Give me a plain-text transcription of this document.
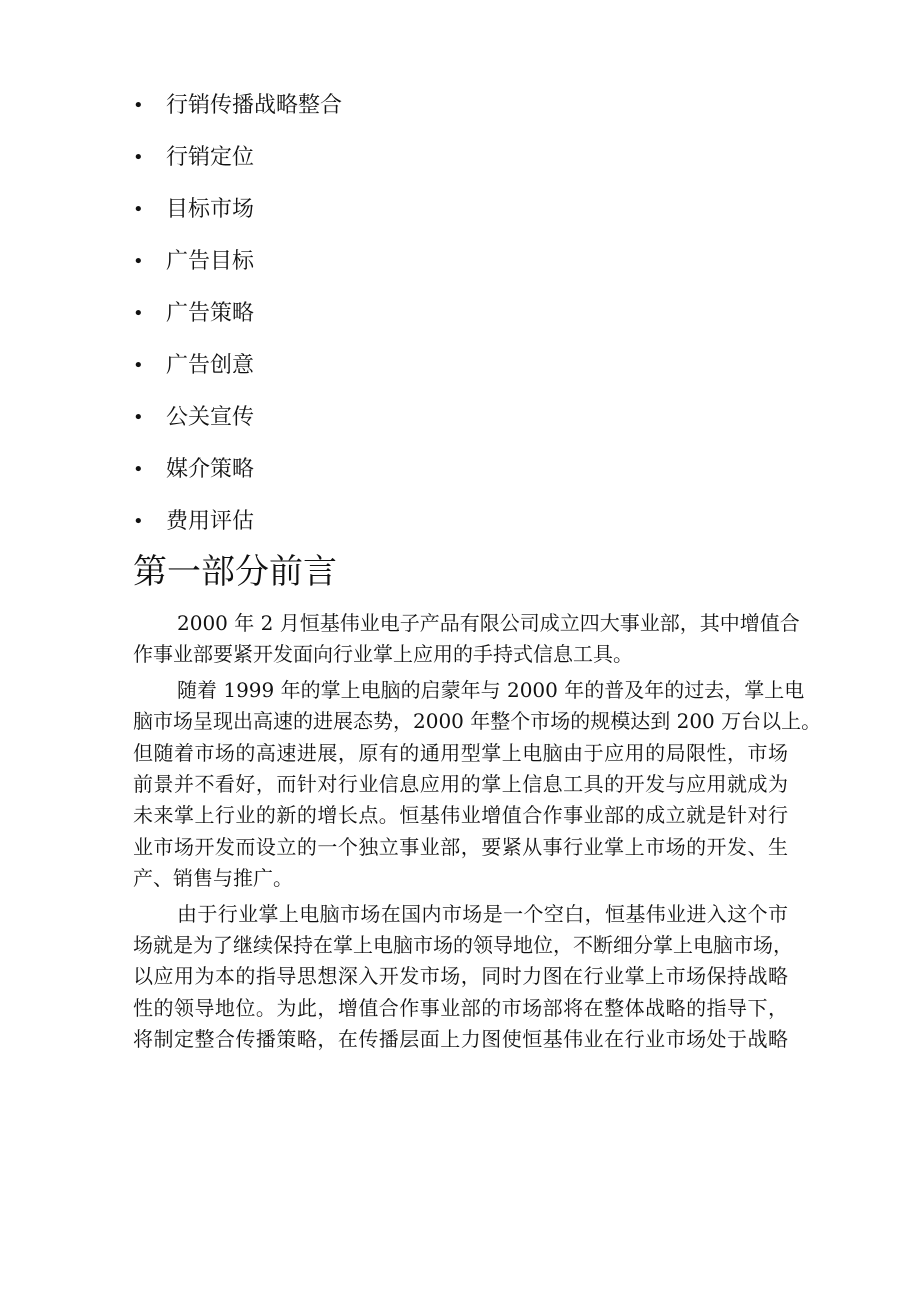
• 行销传播战略整合
• 行销定位
• 目标市场
• 广告目标
• 广告策略
• 广告创意
• 公关宣传
• 媒介策略
• 费用评估
第一部分前言

2000 年 2 月恒基伟业电子产品有限公司成立四大事业部，其中增值合
作事业部要紧开发面向行业掌上应用的手持式信息工具。

随着 1999 年的掌上电脑的启蒙年与 2000 年的普及年的过去，掌上电
脑市场呈现出高速的进展态势，2000 年整个市场的规模达到 200 万台以上。
但随着市场的高速进展，原有的通用型掌上电脑由于应用的局限性，市场
前景并不看好，而针对行业信息应用的掌上信息工具的开发与应用就成为
未来掌上行业的新的增长点。恒基伟业增值合作事业部的成立就是针对行
业市场开发而设立的一个独立事业部，要紧从事行业掌上市场的开发、生
产、销售与推广。

由于行业掌上电脑市场在国内市场是一个空白，恒基伟业进入这个市
场就是为了继续保持在掌上电脑市场的领导地位，不断细分掌上电脑市场，
以应用为本的指导思想深入开发市场，同时力图在行业掌上市场保持战略
性的领导地位。为此，增值合作事业部的市场部将在整体战略的指导下，
将制定整合传播策略，在传播层面上力图使恒基伟业在行业市场处于战略
